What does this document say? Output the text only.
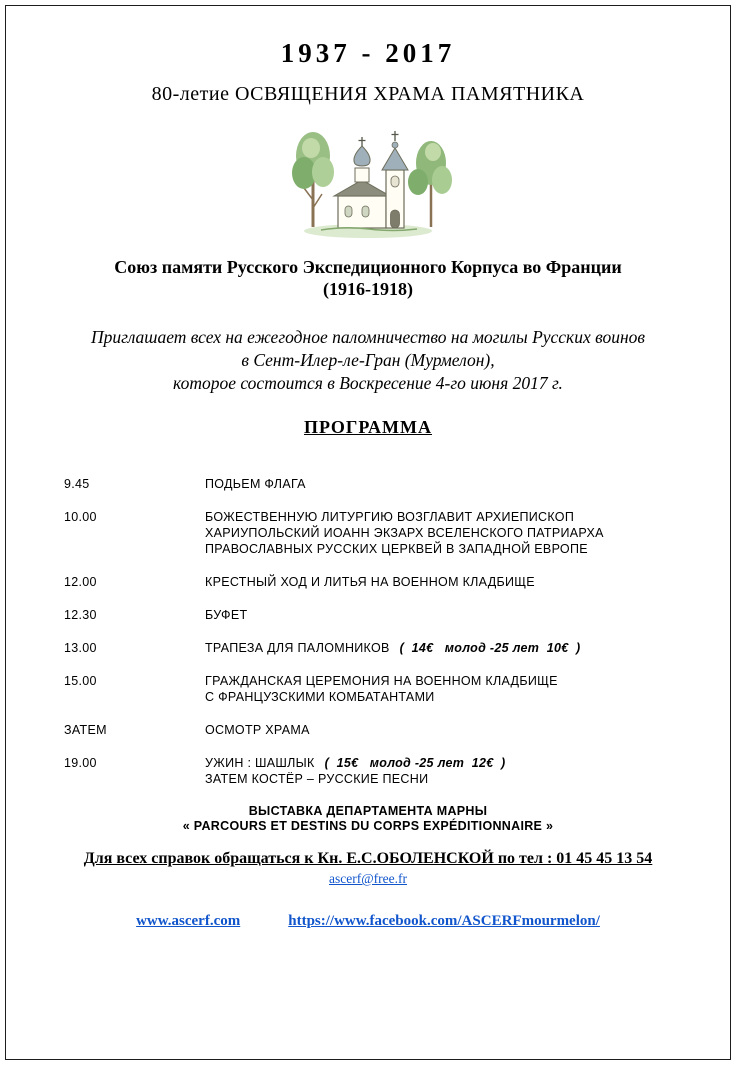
1937 - 2017
80-летие ОСВЯЩЕНИЯ ХРАМА ПАМЯТНИКА
Союз памяти Русского Экспедиционного Корпуса во Франции
(1916-1918)
Приглашает всех на ежегодное паломничество на могилы Русских воинов
в Сент-Илер-ле-Гран (Мурмелон),
которое состоится в Воскресение 4-го июня 2017 г.
ПРОГРАММА
9.45	ПОДЬЕМ ФЛАГА
10.00	БОЖЕСТВЕННУЮ ЛИТУРГИЮ ВОЗГЛАВИТ АРХИЕПИСКОП
ХАРИУПОЛЬСКИЙ ИОАНН ЭКЗАРХ ВСЕЛЕНСКОГО ПАТРИАРХА
ПРАВОСЛАВНЫХ РУССКИХ ЦЕРКВЕЙ В ЗАПАДНОЙ ЕВРОПЕ
12.00	КРЕСТНЫЙ ХОД И ЛИТЬЯ НА ВОЕННОМ КЛАДБИЩЕ
12.30	БУФЕТ
13.00	ТРАПЕЗА ДЛЯ ПАЛОМНИКОВ (  14€   молод -25 лет  10€  )
15.00	ГРАЖДАНСКАЯ ЦЕРЕМОНИЯ НА ВОЕННОМ КЛАДБИЩЕ
С ФРАНЦУЗСКИМИ КОМБАТАНТАМИ
ЗАТЕМ	ОСМОТР ХРАМА
19.00	УЖИН : ШАШЛЫК (  15€   молод -25 лет  12€  )
ЗАТЕМ КОСТЁР – РУССКИЕ ПЕСНИ
ВЫСТАВКА ДЕПАРТАМЕНТА МАРНЫ
« PARCOURS ET DESTINS DU CORPS EXPÉDITIONNAIRE »
Для всех справок обращаться к Кн. Е.С.ОБОЛЕНСКОЙ по тел : 01 45 45 13 54
ascerf@free.fr
www.ascerf.com	https://www.facebook.com/ASCERFmourmelon/
